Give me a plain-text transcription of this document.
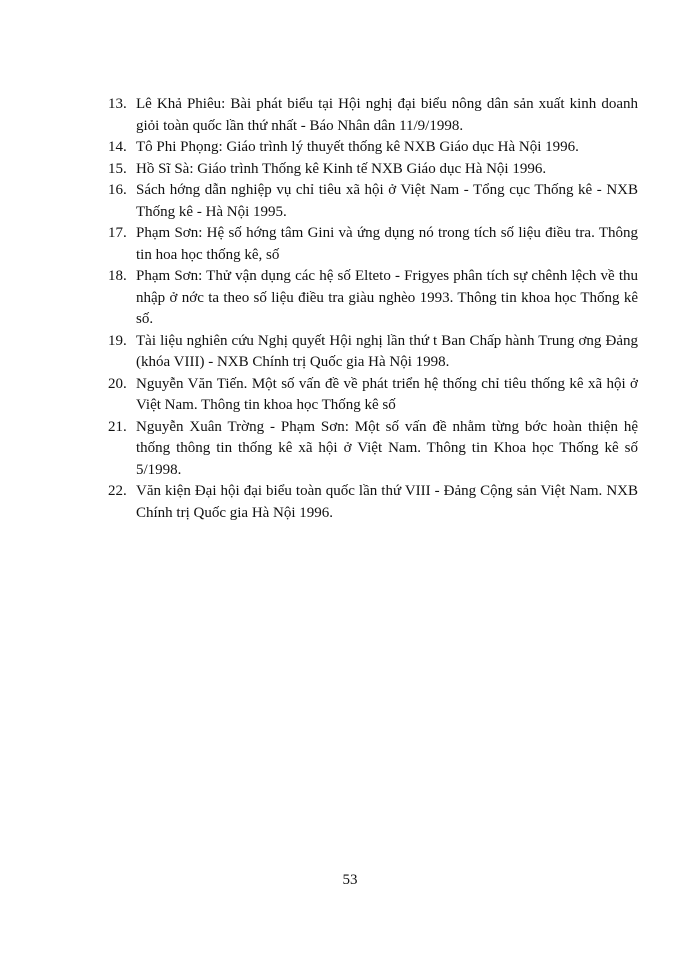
13. Lê Khả Phiêu: Bài phát biểu tại Hội nghị đại biểu nông dân sản xuất kinh doanh giỏi toàn quốc lần thứ nhất - Báo Nhân dân 11/9/1998.
14. Tô Phi Phọng: Giáo trình lý thuyết thống kê NXB Giáo dục Hà Nội 1996.
15. Hồ Sĩ Sà: Giáo trình Thống kê Kinh tế NXB Giáo dục Hà Nội 1996.
16. Sách hớng dẫn nghiệp vụ chỉ tiêu xã hội ở Việt Nam - Tổng cục Thống kê - NXB Thống kê - Hà Nội 1995.
17. Phạm Sơn: Hệ số hớng tâm Gini và ứng dụng nó trong tích số liệu điều tra. Thông tin hoa học thống kê, số
18. Phạm Sơn: Thử vận dụng các hệ số Elteto - Frigyes phân tích sự chênh lệch về thu nhập ở nớc ta theo số liệu điều tra giàu nghèo 1993. Thông tin khoa học Thống kê số.
19. Tài liệu nghiên cứu Nghị quyết Hội nghị lần thứ t Ban Chấp hành Trung ơng Đảng (khóa VIII) - NXB Chính trị Quốc gia Hà Nội 1998.
20. Nguyễn Văn Tiến. Một số vấn đề về phát triển hệ thống chỉ tiêu thống kê xã hội ở Việt Nam. Thông tin khoa học Thống kê số
21. Nguyễn Xuân Trờng - Phạm Sơn: Một số vấn đề nhằm từng bớc hoàn thiện hệ thống thông tin thống kê xã hội ở Việt Nam. Thông tin Khoa học Thống kê số 5/1998.
22. Văn kiện Đại hội đại biểu toàn quốc lần thứ VIII - Đảng Cộng sản Việt Nam. NXB Chính trị Quốc gia Hà Nội 1996.
53
